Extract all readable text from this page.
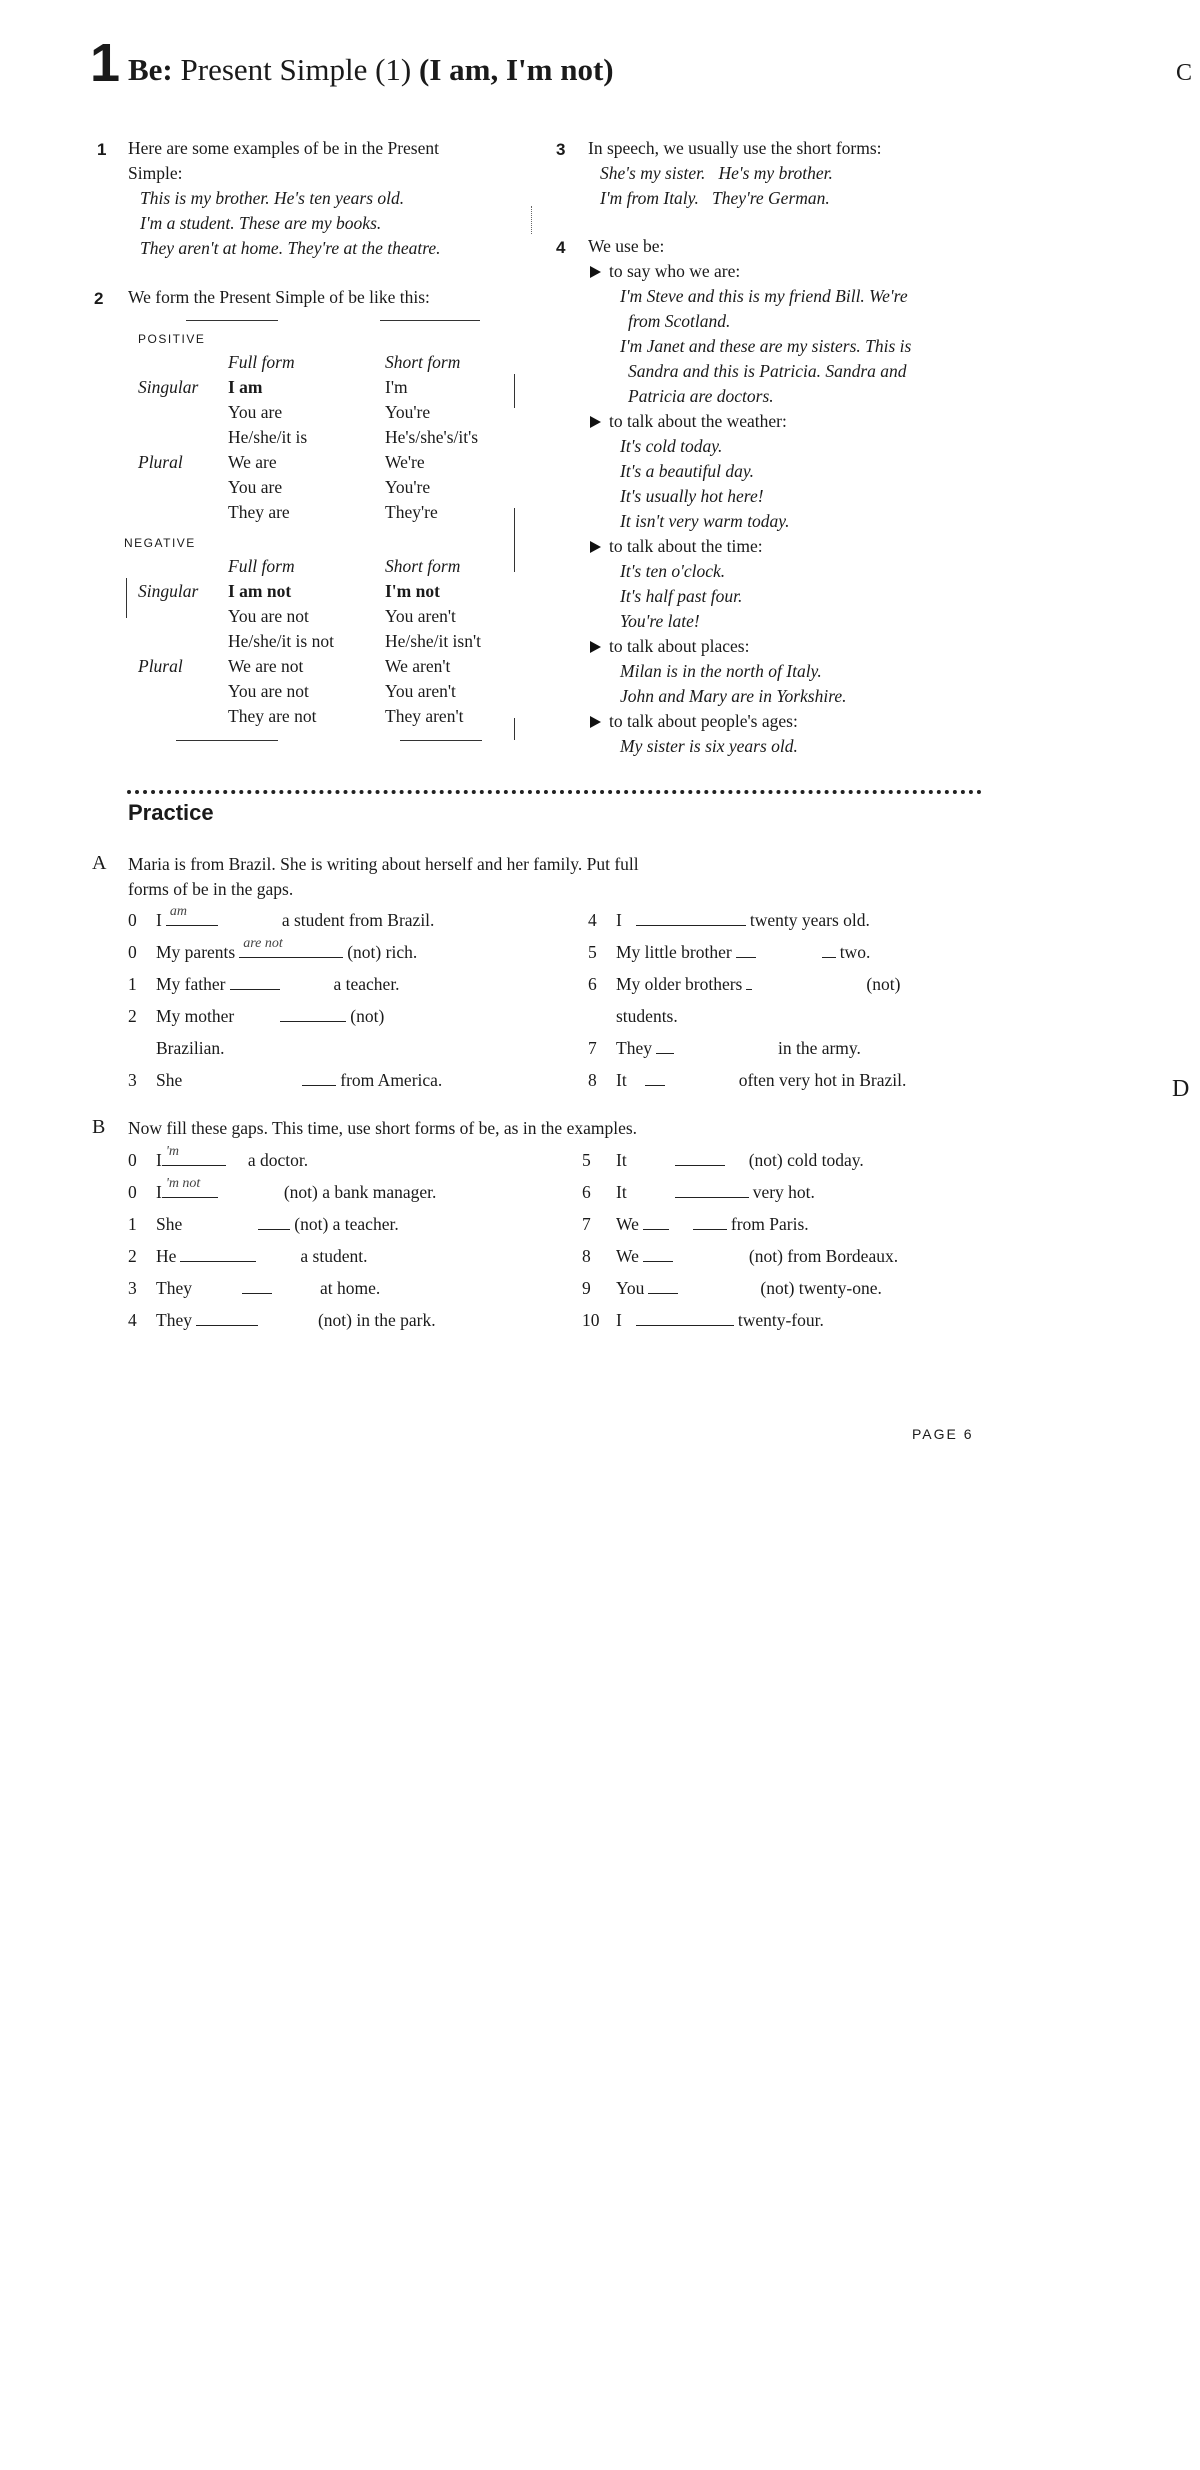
1 Be: Present Simple (1) (I am, I'm not)	C
1 Here are some examples of be in the Present
Simple:
This is my brother. He's ten years old.
I'm a student. These are my books.
They aren't at home. They're at the theatre.
2 We form the Present Simple of be like this:
POSITIVE
Full form	Short form
Singular I am	I'm
You are	You're
He/she/it is	He's/she's/it's
Plural	We are	We're
You are	You're
They are	They're
NEGATIVE
Full form	Short form
Singular I am not	I'm not
You are not	You aren't
He/she/it is not	He/she/it isn't
Plural	We are not	We aren't
You are not	You aren't
They are not	They aren't
3 In speech, we usually use the short forms:
She's my sister.   He's my brother.
I'm from Italy.   They're German.
4 We use be:
to say who we are:
I'm Steve and this is my friend Bill. We're
from Scotland.
I'm Janet and these are my sisters. This is
Sandra and this is Patricia. Sandra and
Patricia are doctors.
to talk about the weather:
It's cold today.
It's a beautiful day.
It's usually hot here!
It isn't very warm today.
to talk about the time:
It's ten o'clock.
It's half past four.
You're late!
to talk about places:
Milan is in the north of Italy.
John and Mary are in Yorkshire.
to talk about people's ages:
My sister is six years old.
Practice
A Maria is from Brazil. She is writing about herself and her family. Put full
forms of be in the gaps.
0 I am	a student from Brazil.
0 My parents are not	(not) rich.
1 My father	a teacher.
2 My mother	(not)
Brazilian.
3 She	from America.
4 I	twenty years old.
5 My little brother	two.
6 My older brothers	(not)
students.
7 They	in the army.
8 It	often very hot in Brazil.	D
B Now fill these gaps. This time, use short forms of be, as in the examples.
0 I 'm	a doctor.
0 I 'm not	(not) a bank manager.
1 She	(not) a teacher.
2 He	a student.
3 They	at home.
4 They	(not) in the park.
5 It	(not) cold today.
6 It	very hot.
7 We	from Paris.
8 We	(not) from Bordeaux.
9 You	(not) twenty-one.
10 I	twenty-four.
PAGE 6
